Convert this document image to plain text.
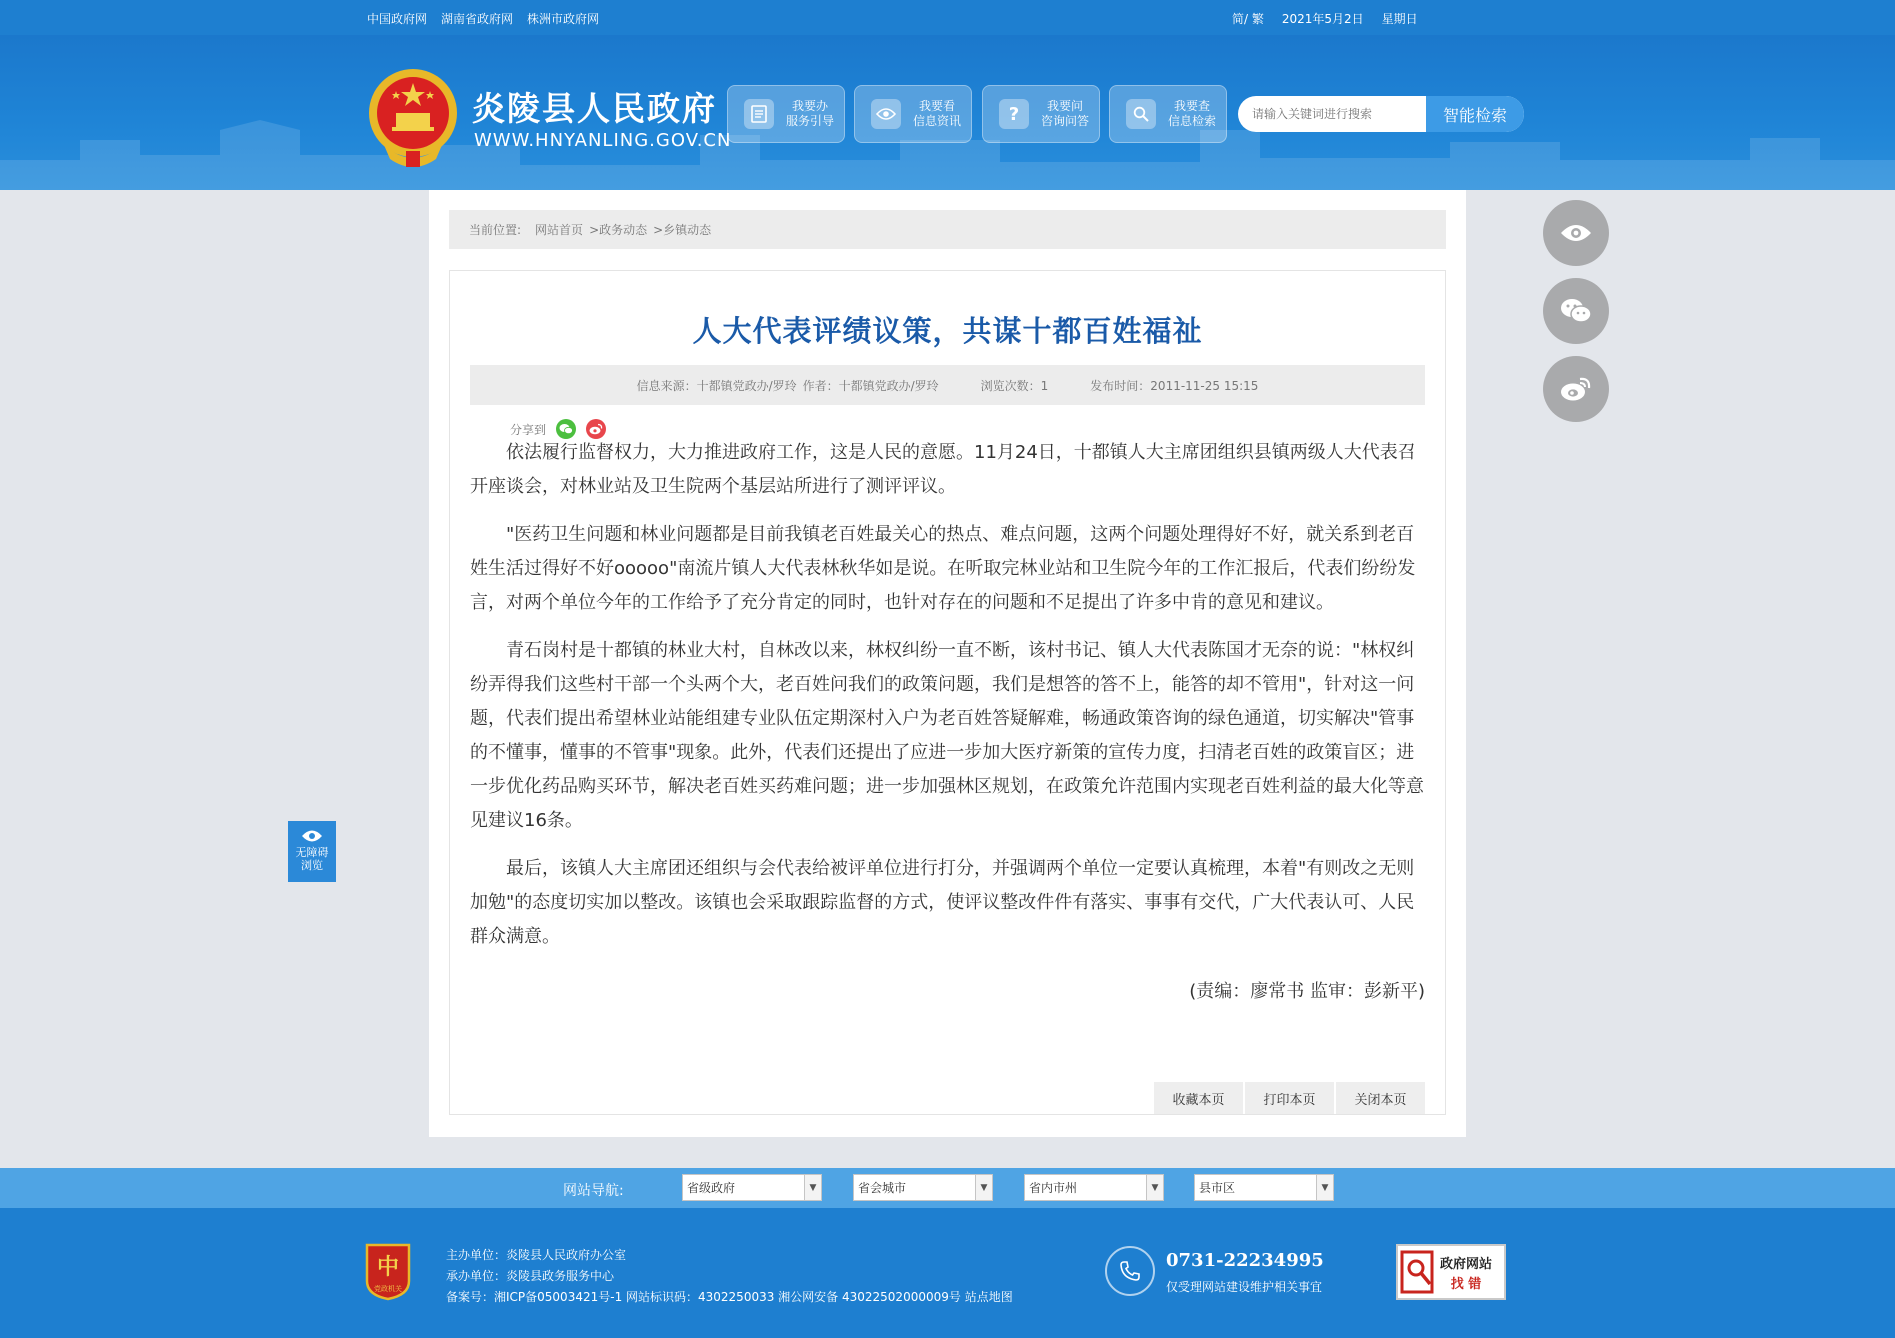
中国政府网 湖南省政府网 株洲市政府网	简/ 繁 2021年5月2日 星期日
炎陵县人民政府
WWW.HNYANLING.GOV.CN
我要办
服务引导
我要看
信息资讯	?	我要问
咨询问答
我要查
信息检索
请输入关键词进行搜索	智能检索
当前位置: 网站首页 >政务动态 >乡镇动态
人大代表评绩议策，共谋十都百姓福祉
信息来源：十都镇党政办/罗玲 作者：十都镇党政办/罗玲	浏览次数：1	发布时间：2011-11-25 15:15
分享到

依法履行监督权力，大力推进政府工作，这是人民的意愿。11月24日，十都镇人大主席团组织县镇两级人大代表召开座谈会，对林业站及卫生院两个基层站所进行了测评评议。

"医药卫生问题和林业问题都是目前我镇老百姓最关心的热点、难点问题，这两个问题处理得好不好，就关系到老百姓生活过得好不好ooooo"南流片镇人大代表林秋华如是说。在听取完林业站和卫生院今年的工作汇报后，代表们纷纷发言，对两个单位今年的工作给予了充分肯定的同时，也针对存在的问题和不足提出了许多中肯的意见和建议。

青石岗村是十都镇的林业大村，自林改以来，林权纠纷一直不断，该村书记、镇人大代表陈国才无奈的说："林权纠纷弄得我们这些村干部一个头两个大，老百姓问我们的政策问题，我们是想答的答不上，能答的却不管用"，针对这一问题，代表们提出希望林业站能组建专业队伍定期深村入户为老百姓答疑解难，畅通政策咨询的绿色通道，切实解决"管事的不懂事，懂事的不管事"现象。此外，代表们还提出了应进一步加大医疗新策的宣传力度，扫清老百姓的政策盲区；进一步优化药品购买环节，解决老百姓买药难问题；进一步加强林区规划，在政策允许范围内实现老百姓利益的最大化等意见建议16条。

最后，该镇人大主席团还组织与会代表给被评单位进行打分，并强调两个单位一定要认真梳理，本着"有则改之无则加勉"的态度切实加以整改。该镇也会采取跟踪监督的方式，使评议整改件件有落实、事事有交代，广大代表认可、人民群众满意。

(责编：廖常书 监审：彭新平)
收藏本页	打印本页	关闭本页
无障碍
浏览
网站导航:	省级政府	▼	省会城市	▼	省内市州	▼	县市区	▼
中
党政机关
主办单位：炎陵县人民政府办公室
承办单位：炎陵县政务服务中心
备案号：湘ICP备05003421号-1 网站标识码：4302250033 湘公网安备 43022502000009号 站点地图
0731-22234995
仅受理网站建设维护相关事宜
政府网站
找 错
